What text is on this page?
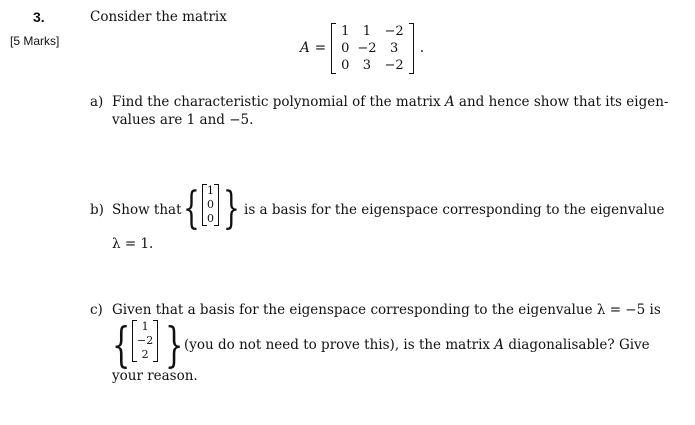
3.
[5 Marks]
Consider the matrix
A =
1	1	−2
0	−2	3
0	3	−2
.
a) Find the characteristic polynomial of the matrix A and hence show that its eigen-
values are 1 and −5.
b) Show that { 1
0
0 } is a basis for the eigenspace corresponding to the eigenvalue
λ = 1.
c) Given that a basis for the eigenspace corresponding to the eigenvalue λ = −5 is
{ 1
−2
2 } (you do not need to prove this), is the matrix A diagonalisable? Give
your reason.
